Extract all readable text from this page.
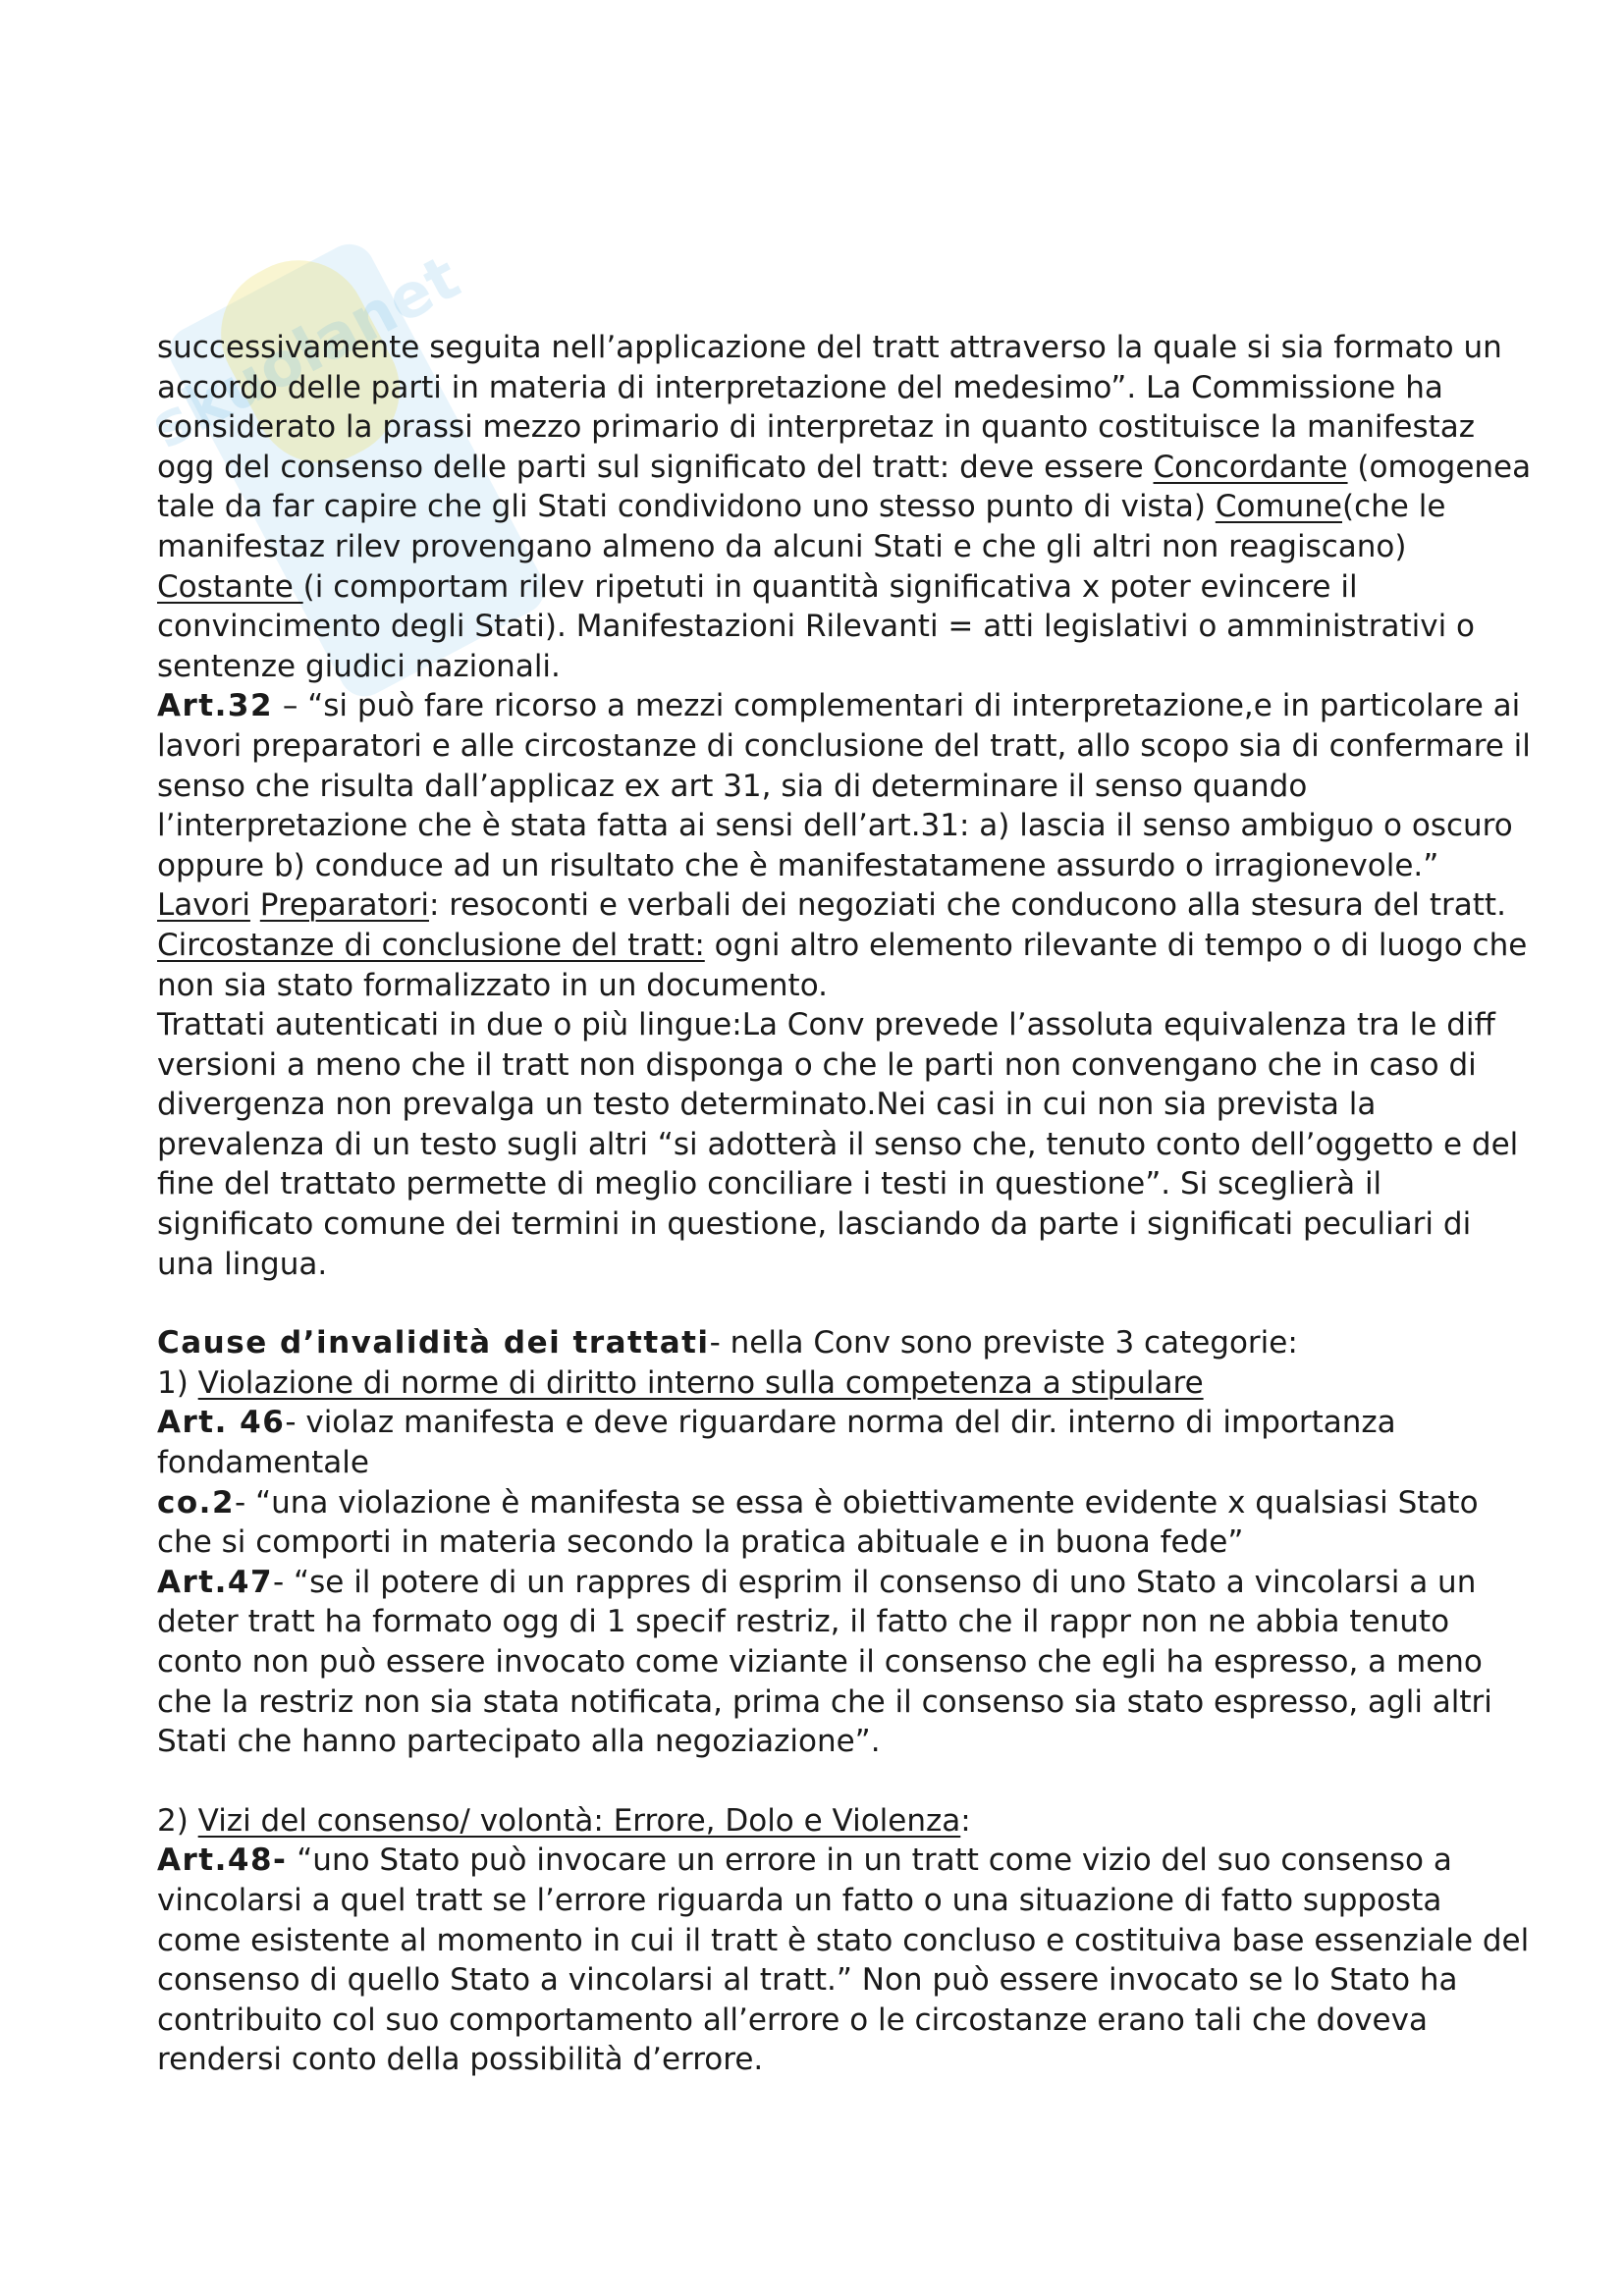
skuolanet

successivamente seguita nell’applicazione del tratt attraverso la quale si sia formato un accordo delle parti in materia di interpretazione del medesimo”. La Commissione ha considerato la prassi mezzo primario di interpretaz in quanto costituisce la manifestaz ogg del consenso delle parti sul significato del tratt: deve essere Concordante (omogenea tale da far capire che gli Stati condividono uno stesso punto di vista) Comune(che le manifestaz rilev provengano almeno da alcuni Stati e che gli altri non reagiscano) Costante (i comportam rilev ripetuti in quantità significativa x poter evincere il convincimento degli Stati). Manifestazioni Rilevanti = atti legislativi o amministrativi o sentenze giudici nazionali.

Art.32 – “si può fare ricorso a mezzi complementari di interpretazione,e in particolare ai lavori preparatori e alle circostanze di conclusione del tratt, allo scopo sia di confermare il senso che risulta dall’applicaz ex art 31, sia di determinare il senso quando l’interpretazione che è stata fatta ai sensi dell’art.31: a) lascia il senso ambiguo o oscuro oppure b) conduce ad un risultato che è manifestatamene assurdo o irragionevole.” Lavori Preparatori: resoconti e verbali dei negoziati che conducono alla stesura del tratt. Circostanze di conclusione del tratt: ogni altro elemento rilevante di tempo o di luogo che non sia stato formalizzato in un documento.

Trattati autenticati in due o più lingue:La Conv prevede l’assoluta equivalenza tra le diff versioni a meno che il tratt non disponga o che le parti non convengano che in caso di divergenza non prevalga un testo determinato.Nei casi in cui non sia prevista la prevalenza di un testo sugli altri “si adotterà il senso che, tenuto conto dell’oggetto e del fine del trattato permette di meglio conciliare i testi in questione”. Si sceglierà il significato comune dei termini in questione, lasciando da parte i significati peculiari di una lingua.

Cause d’invalidità dei trattati- nella Conv sono previste 3 categorie:

1) Violazione di norme di diritto interno sulla competenza a stipulare

Art. 46- violaz manifesta e deve riguardare norma del dir. interno di importanza fondamentale

co.2- “una violazione è manifesta se essa è obiettivamente evidente x qualsiasi Stato che si comporti in materia secondo la pratica abituale e in buona fede”

Art.47- “se il potere di un rappres di esprim il consenso di uno Stato a vincolarsi a un deter tratt ha formato ogg di 1 specif restriz, il fatto che il rappr non ne abbia tenuto conto non può essere invocato come viziante il consenso che egli ha espresso, a meno che la restriz non sia stata notificata, prima che il consenso sia stato espresso, agli altri Stati che hanno partecipato alla negoziazione”.

2) Vizi del consenso/ volontà: Errore, Dolo e Violenza:

Art.48- “uno Stato può invocare un errore in un tratt come vizio del suo consenso a vincolarsi a quel tratt se l’errore riguarda un fatto o una situazione di fatto supposta come esistente al momento in cui il tratt è stato concluso e costituiva base essenziale del consenso di quello Stato a vincolarsi al tratt.” Non può essere invocato se lo Stato ha contribuito col suo comportamento all’errore o le circostanze erano tali che doveva rendersi conto della possibilità d’errore.
